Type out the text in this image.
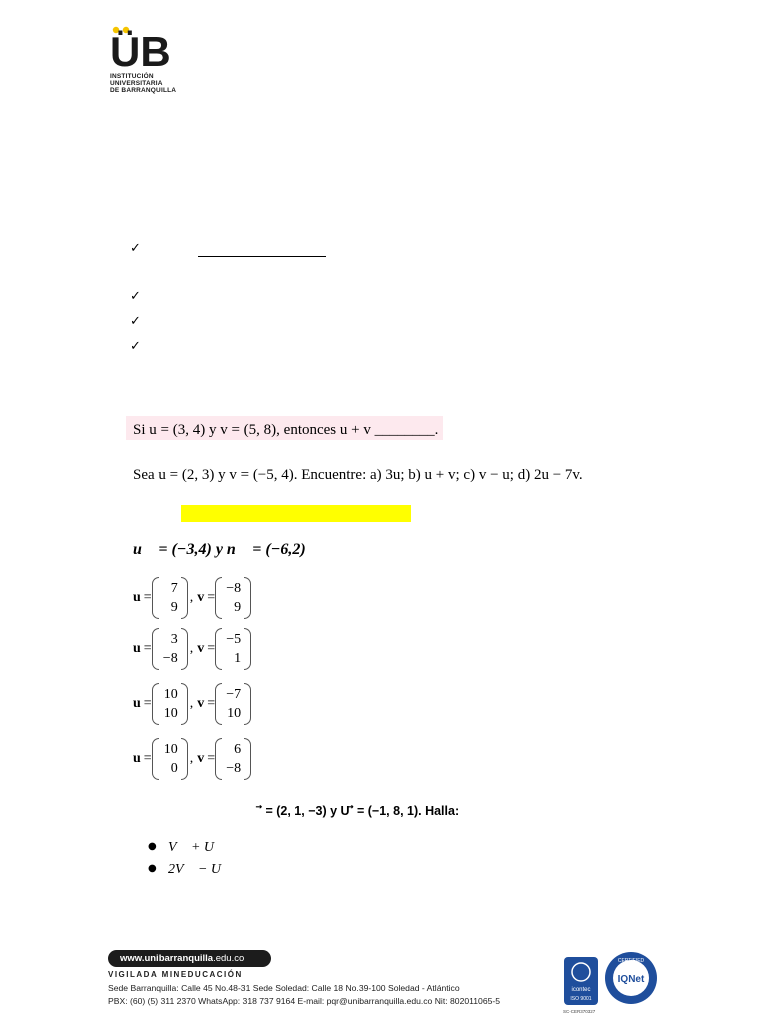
ÜB
INSTITUCIÓN
UNIVERSITARIA
DE BARRANQUILLA
✓
✓
✓
✓
Si u = (3, 4) y v = (5, 8), entonces u + v ________.
Sea u = (2, 3) y v = (−5, 4). Encuentre: a) 3u; b) u + v; c) v − u; d) 2u − 7v.
u⃗ = (−3,4) y n⃗ = (−6,2)
u =
7
9
, v =
−8
9
u =
3
−8
, v =
−5
1
u =
10
10
, v =
−7
10
u =
10
0
, v =
6
−8
⃗ = (2, 1, −3) y U ⃗ = (−1, 8, 1). Halla:
● V⃗ + U⃗
● 2V⃗ − U⃗
www.unibarranquilla.edu.co
VIGILADA MINEDUCACIÓN
Sede Barranquilla: Calle 45 No.48-31 Sede Soledad: Calle 18 No.39-100 Soledad - Atlántico
PBX: (60) (5) 311 2370 WhatsApp: 318 737 9164 E-mail: pqr@unibarranquilla.edu.co Nit: 802011065-5
icontec
ISO 9001
IQNet
CERTIFIED
SC-CER370327
